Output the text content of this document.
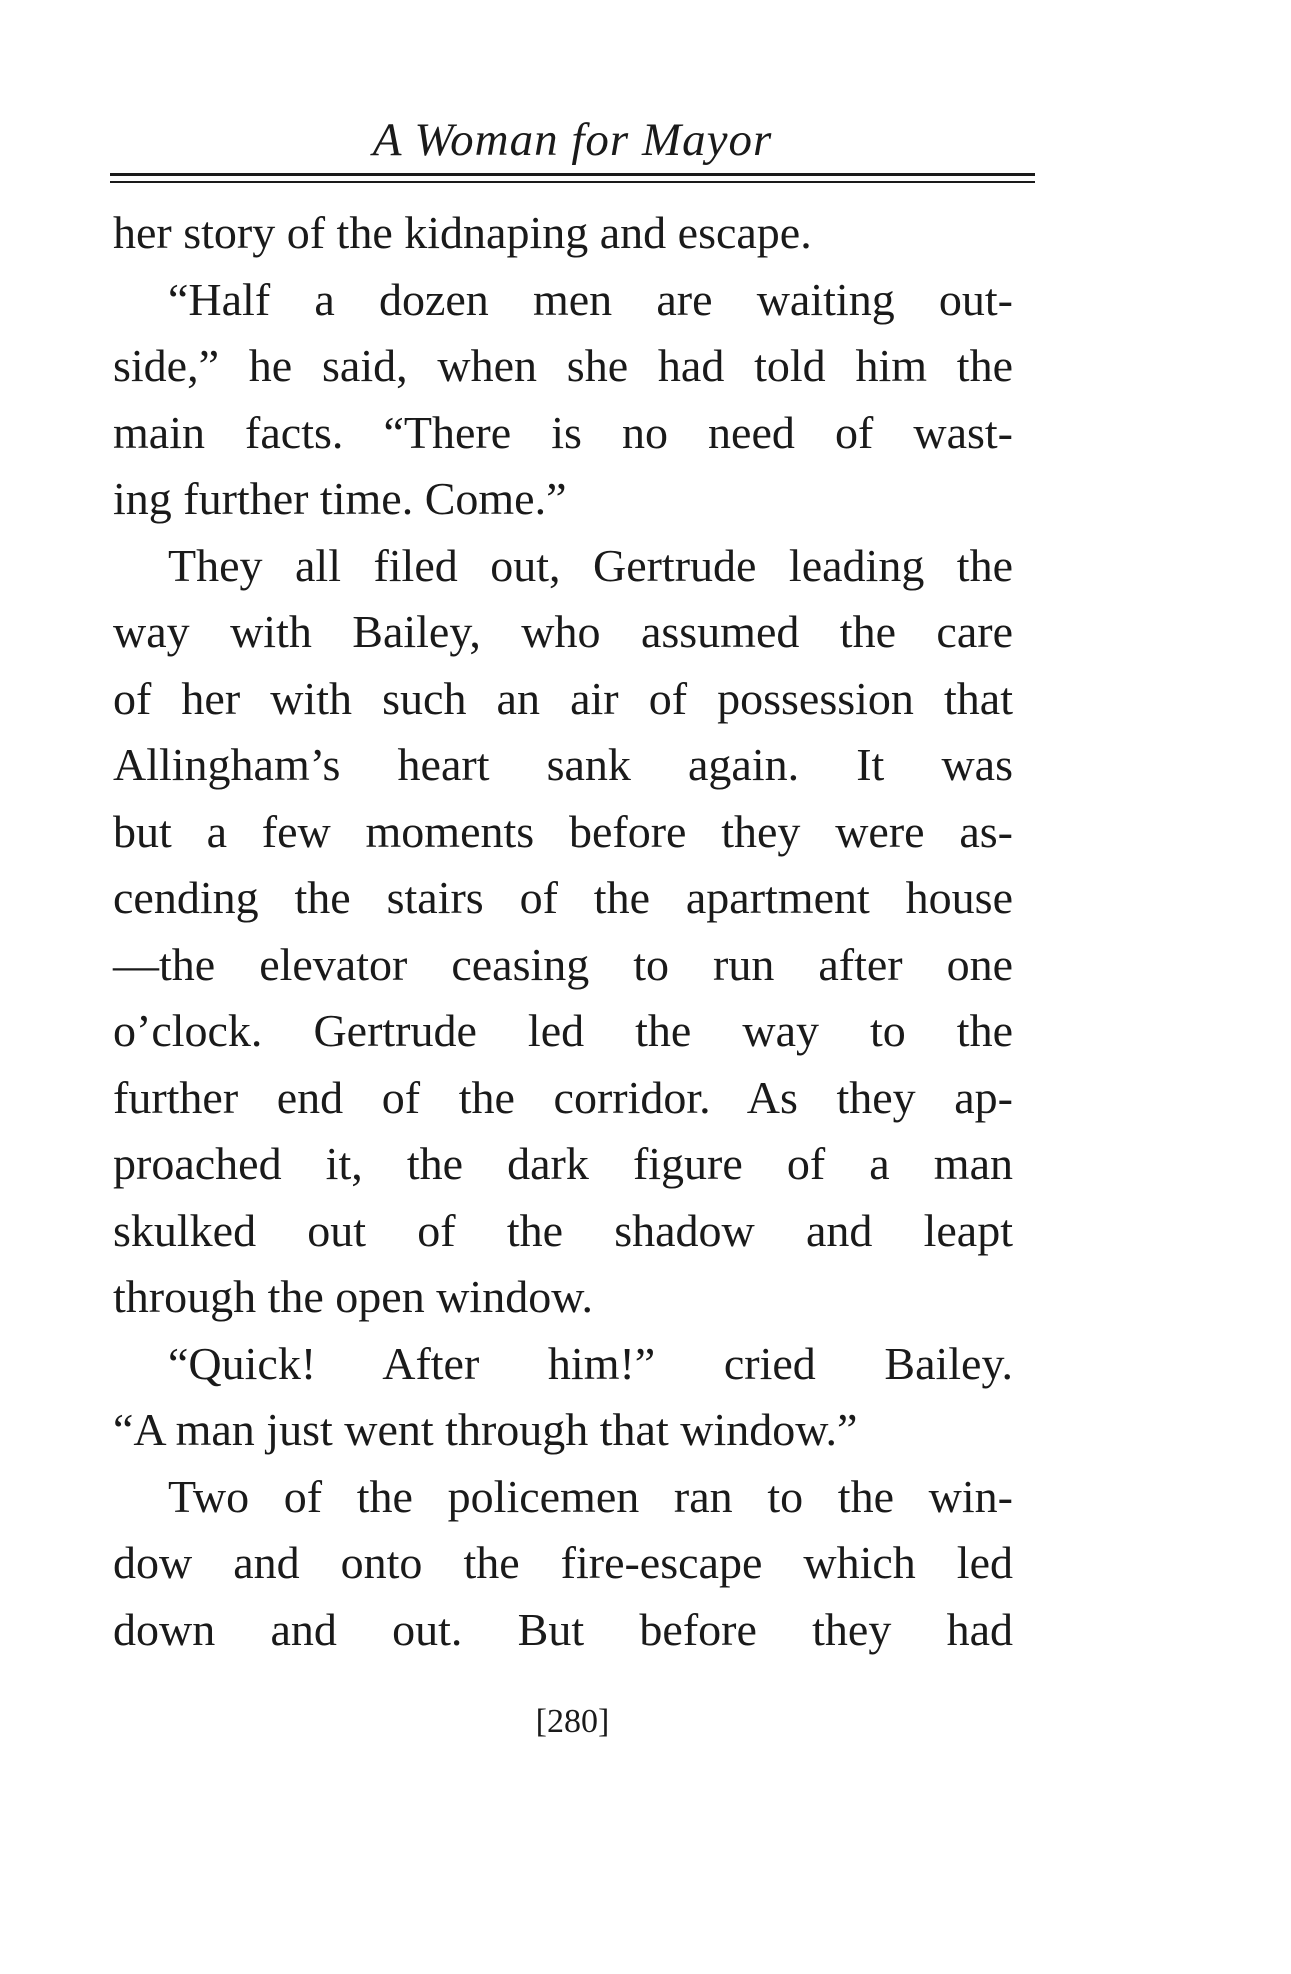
A Woman for Mayor
her story of the kidnaping and escape.
“Half a dozen men are waiting out-
side,” he said, when she had told him the
main facts. “There is no need of wast-
ing further time. Come.”
They all filed out, Gertrude leading the
way with Bailey, who assumed the care
of her with such an air of possession that
Allingham’s heart sank again. It was
but a few moments before they were as-
cending the stairs of the apartment house
—the elevator ceasing to run after one
o’clock. Gertrude led the way to the
further end of the corridor. As they ap-
proached it, the dark figure of a man
skulked out of the shadow and leapt
through the open window.
“Quick! After him!” cried Bailey.
“A man just went through that window.”
Two of the policemen ran to the win-
dow and onto the fire-escape which led
down and out. But before they had
[280]
